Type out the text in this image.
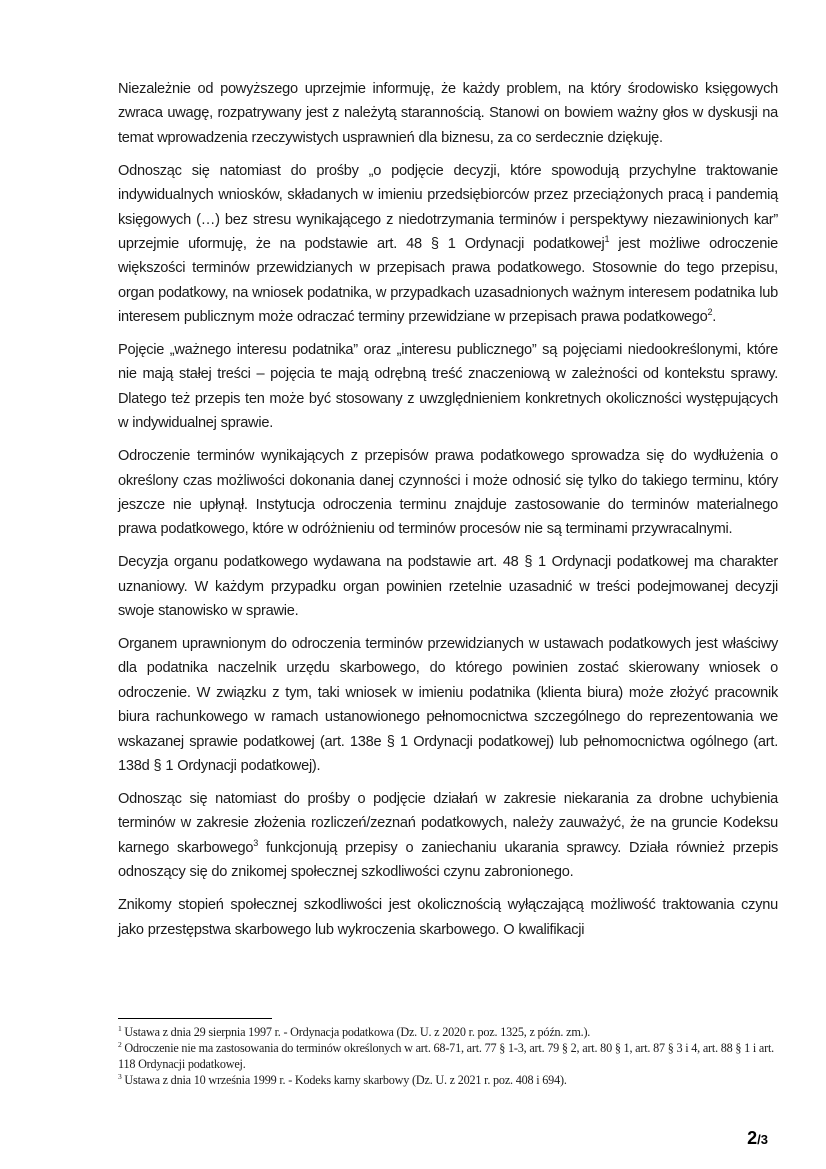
Niezależnie od powyższego uprzejmie informuję, że każdy problem, na który środowisko księgowych zwraca uwagę, rozpatrywany jest z należytą starannością. Stanowi on bowiem ważny głos w dyskusji na temat wprowadzenia rzeczywistych usprawnień dla biznesu, za co serdecznie dziękuję.

Odnosząc się natomiast do prośby „o podjęcie decyzji, które spowodują przychylne traktowanie indywidualnych wniosków, składanych w imieniu przedsiębiorców przez przeciążonych pracą i pandemią księgowych (…) bez stresu wynikającego z niedotrzymania terminów i perspektywy niezawinionych kar” uprzejmie uformuję, że na podstawie art. 48 § 1 Ordynacji podatkowej$^1$ jest możliwe odroczenie większości terminów przewidzianych w przepisach prawa podatkowego. Stosownie do tego przepisu, organ podatkowy, na wniosek podatnika, w przypadkach uzasadnionych ważnym interesem podatnika lub interesem publicznym może odraczać terminy przewidziane w przepisach prawa podatkowego$^2$.

Pojęcie „ważnego interesu podatnika” oraz „interesu publicznego” są pojęciami niedookreślonymi, które nie mają stałej treści – pojęcia te mają odrębną treść znaczeniową w zależności od kontekstu sprawy. Dlatego też przepis ten może być stosowany z uwzględnieniem konkretnych okoliczności występujących w indywidualnej sprawie.

Odroczenie terminów wynikających z przepisów prawa podatkowego sprowadza się do wydłużenia o określony czas możliwości dokonania danej czynności i może odnosić się tylko do takiego terminu, który jeszcze nie upłynął. Instytucja odroczenia terminu znajduje zastosowanie do terminów materialnego prawa podatkowego, które w odróżnieniu od terminów procesów nie są terminami przywracalnymi.

Decyzja organu podatkowego wydawana na podstawie art. 48 § 1 Ordynacji podatkowej ma charakter uznaniowy. W każdym przypadku organ powinien rzetelnie uzasadnić w treści podejmowanej decyzji swoje stanowisko w sprawie.

Organem uprawnionym do odroczenia terminów przewidzianych w ustawach podatkowych jest właściwy dla podatnika naczelnik urzędu skarbowego, do którego powinien zostać skierowany wniosek o odroczenie. W związku z tym, taki wniosek w imieniu podatnika (klienta biura) może złożyć pracownik biura rachunkowego w ramach ustanowionego pełnomocnictwa szczególnego do reprezentowania we wskazanej sprawie podatkowej (art. 138e § 1 Ordynacji podatkowej) lub pełnomocnictwa ogólnego (art. 138d § 1 Ordynacji podatkowej).

Odnosząc się natomiast do prośby o podjęcie działań w zakresie niekarania za drobne uchybienia terminów w zakresie złożenia rozliczeń/zeznań podatkowych, należy zauważyć, że na gruncie Kodeksu karnego skarbowego$^3$ funkcjonują przepisy o zaniechaniu ukarania sprawcy. Działa również przepis odnoszący się do znikomej społecznej szkodliwości czynu zabronionego.

Znikomy stopień społecznej szkodliwości jest okolicznością wyłączającą możliwość traktowania czynu jako przestępstwa skarbowego lub wykroczenia skarbowego. O kwalifikacji

$^1$ Ustawa z dnia 29 sierpnia 1997 r. - Ordynacja podatkowa (Dz. U. z 2020 r. poz. 1325, z późn. zm.).

$^2$ Odroczenie nie ma zastosowania do terminów określonych w art. 68-71, art. 77 § 1-3, art. 79 § 2, art. 80 § 1, art. 87 § 3 i 4, art. 88 § 1 i art. 118 Ordynacji podatkowej.

$^3$ Ustawa z dnia 10 września 1999 r. - Kodeks karny skarbowy (Dz. U. z 2021 r. poz. 408 i 694).

2/3
